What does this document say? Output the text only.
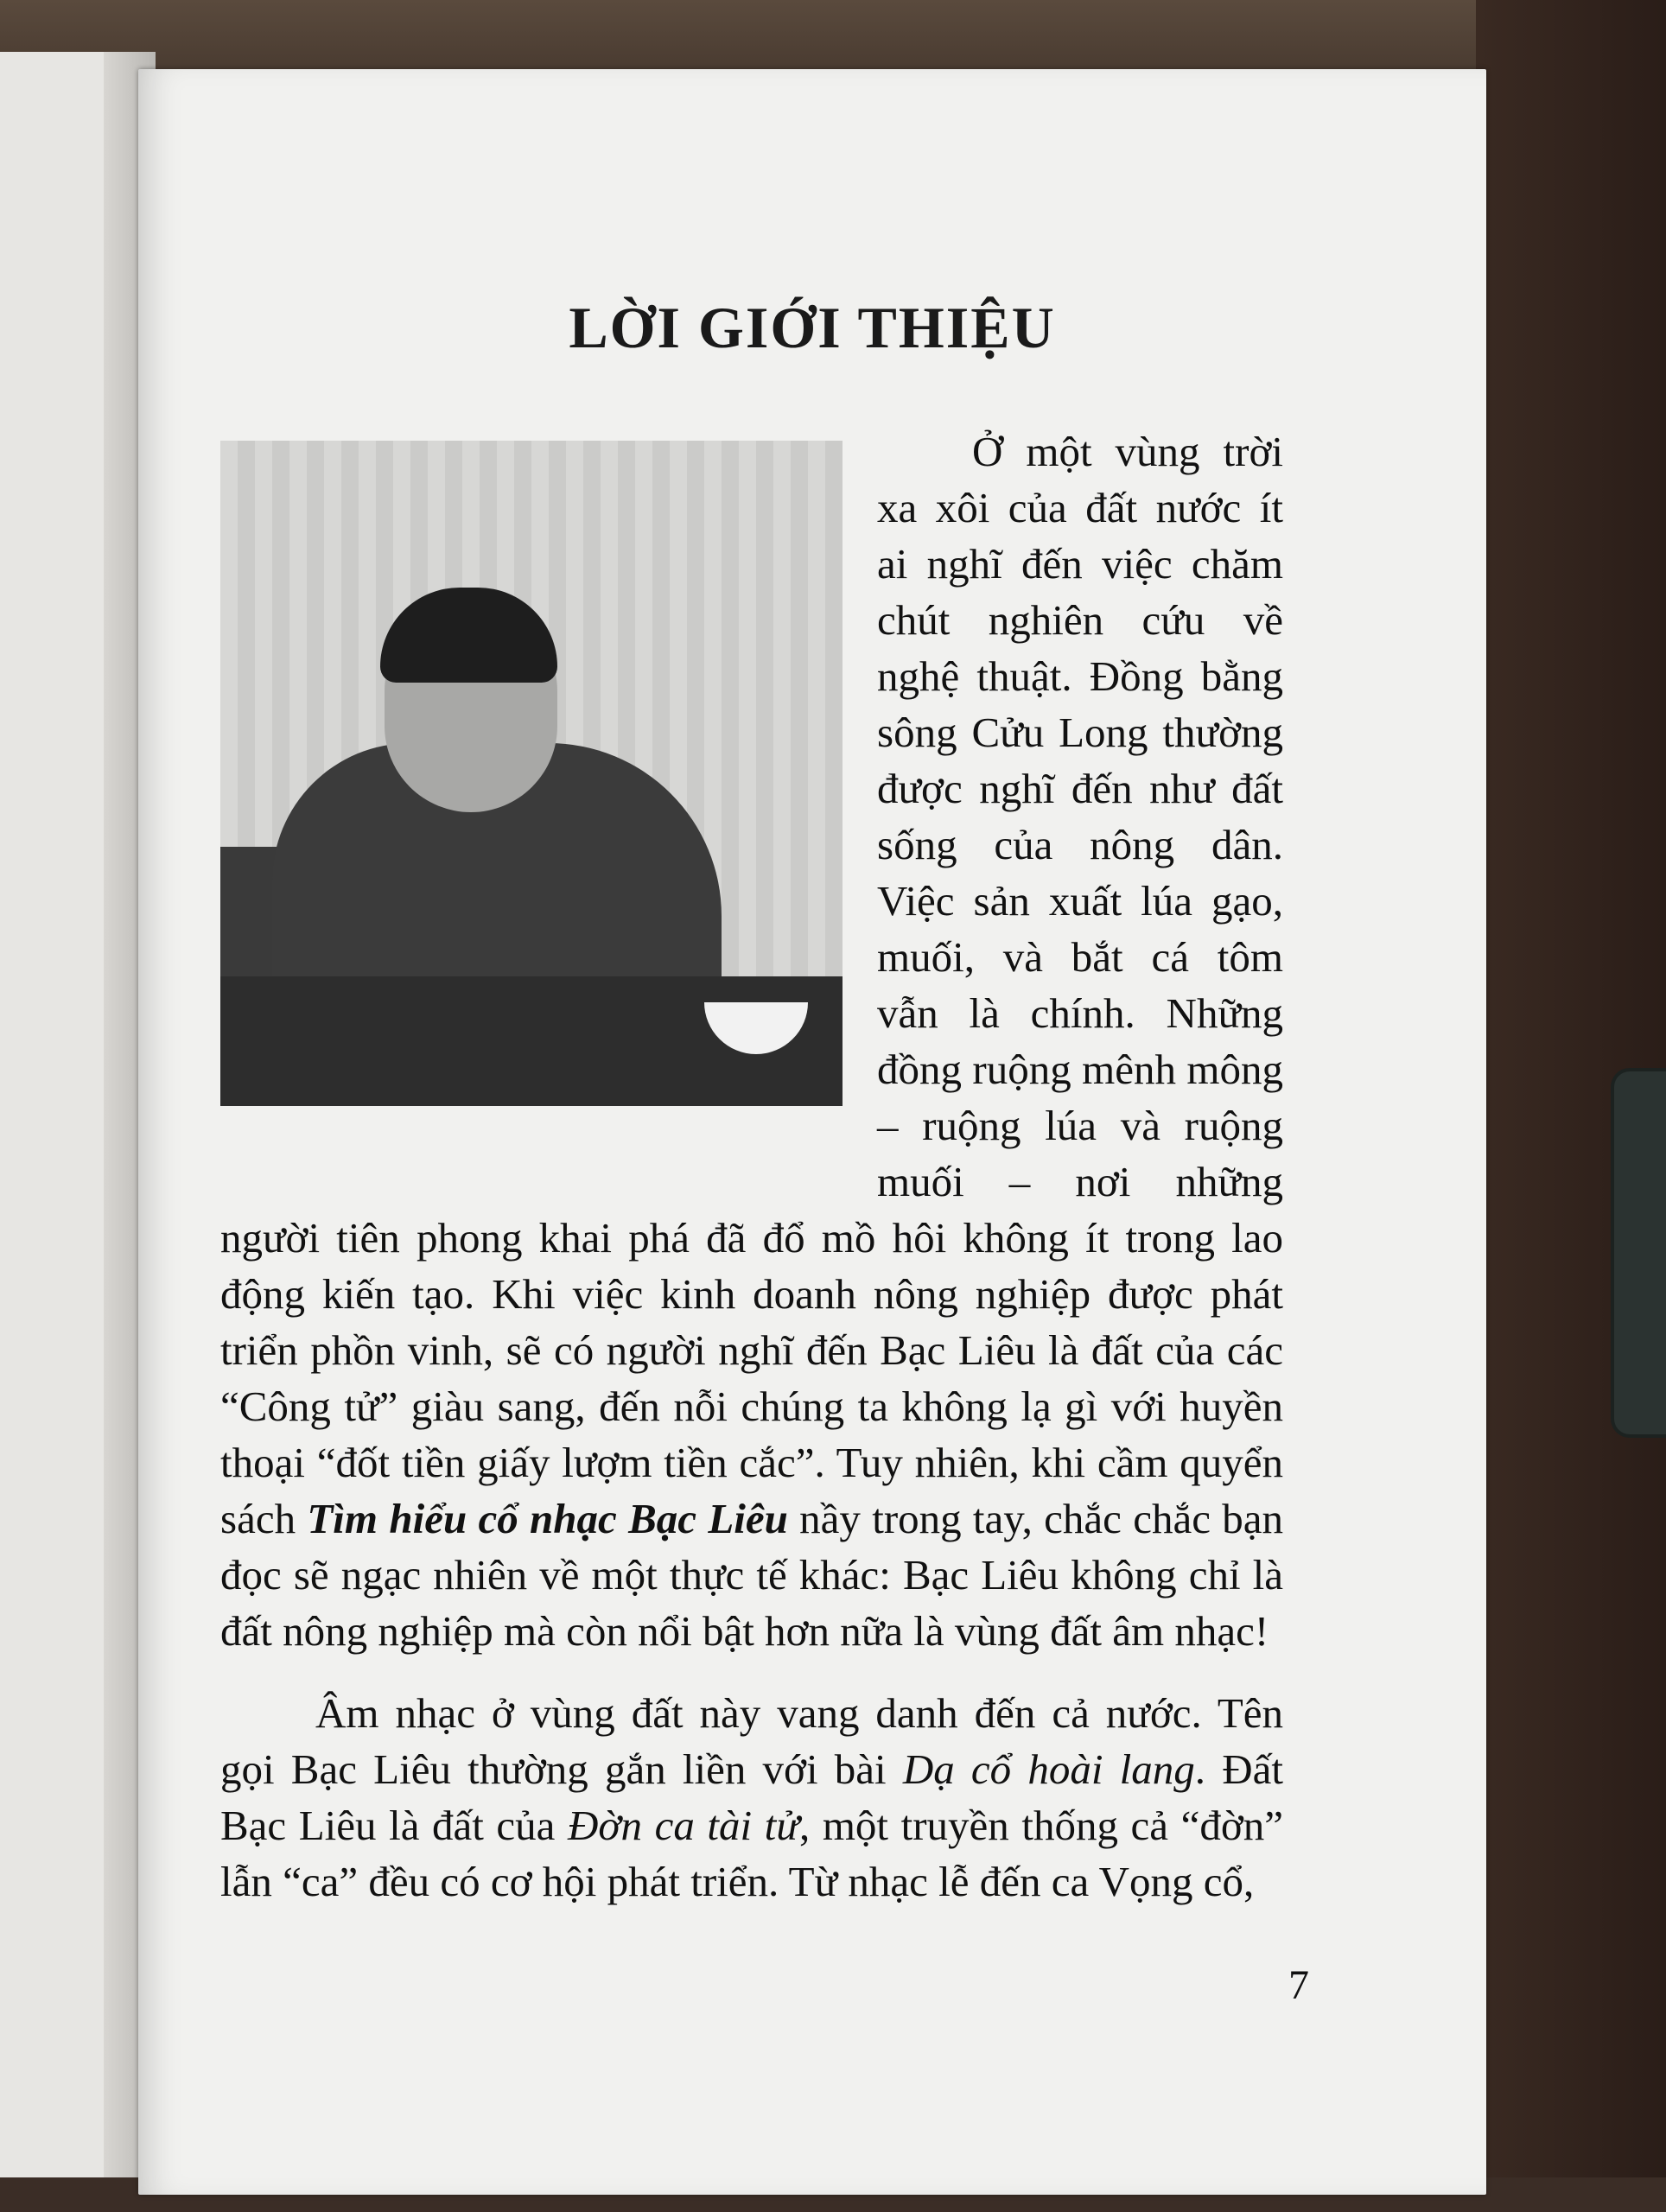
LỜI GIỚI THIỆU

Ở một vùng trời xa xôi của đất nước ít ai nghĩ đến việc chăm chút nghiên cứu về nghệ thuật. Đồng bằng sông Cửu Long thường được nghĩ đến như đất sống của nông dân. Việc sản xuất lúa gạo, muối, và bắt cá tôm vẫn là chính. Những đồng ruộng mênh mông – ruộng lúa và ruộng muối – nơi những người tiên phong khai phá đã đổ mồ hôi không ít trong lao động kiến tạo. Khi việc kinh doanh nông nghiệp được phát triển phồn vinh, sẽ có người nghĩ đến Bạc Liêu là đất của các “Công tử” giàu sang, đến nỗi chúng ta không lạ gì với huyền thoại “đốt tiền giấy lượm tiền cắc”. Tuy nhiên, khi cầm quyển sách Tìm hiểu cổ nhạc Bạc Liêu nầy trong tay, chắc chắc bạn đọc sẽ ngạc nhiên về một thực tế khác: Bạc Liêu không chỉ là đất nông nghiệp mà còn nổi bật hơn nữa là vùng đất âm nhạc!

Âm nhạc ở vùng đất này vang danh đến cả nước. Tên gọi Bạc Liêu thường gắn liền với bài Dạ cổ hoài lang. Đất Bạc Liêu là đất của Đờn ca tài tử, một truyền thống cả “đờn” lẫn “ca” đều có cơ hội phát triển. Từ nhạc lễ đến ca Vọng cổ,

7
